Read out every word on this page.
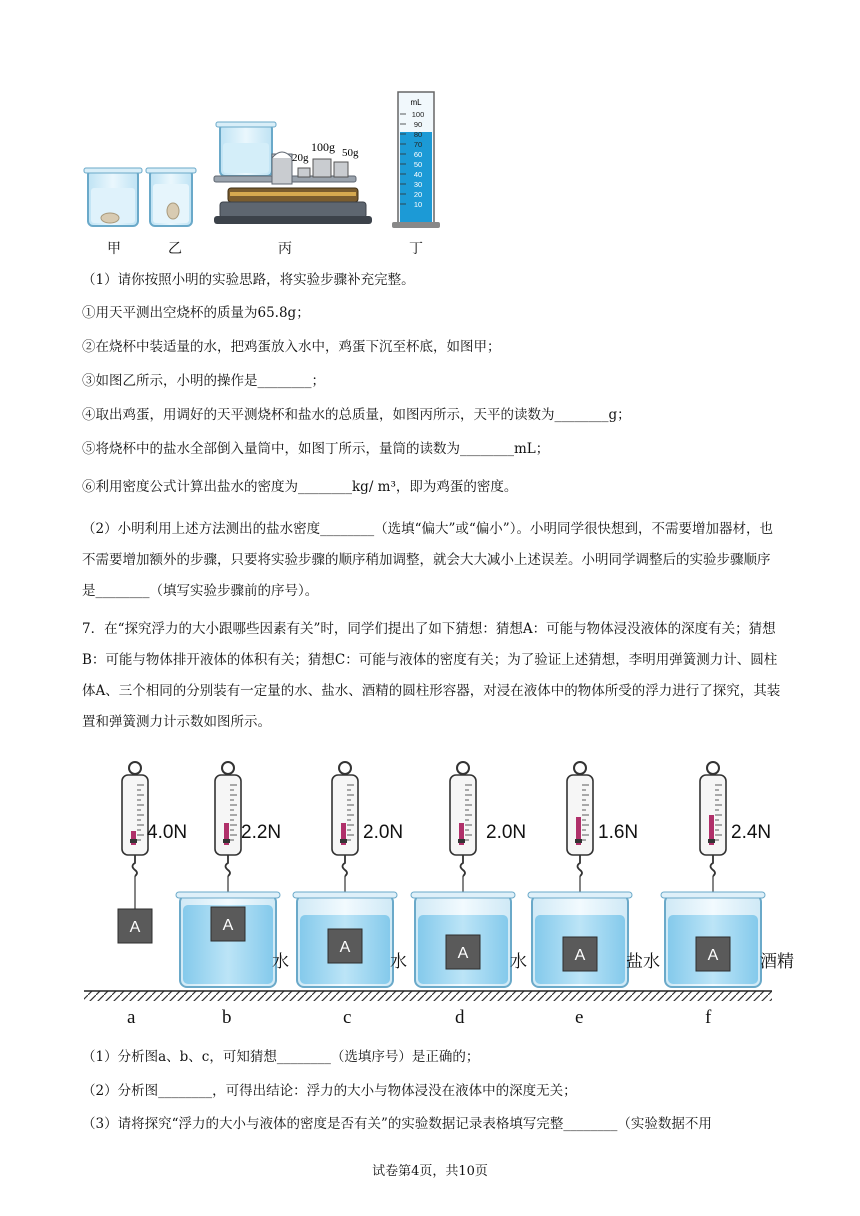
20g
100g 50g
mL
100
90
80
70
60
50
40
30
20
10
甲	乙	丙	丁
（1）请你按照小明的实验思路，将实验步骤补充完整。
①用天平测出空烧杯的质量为65.8g；
②在烧杯中装适量的水，把鸡蛋放入水中，鸡蛋下沉至杯底，如图甲；
③如图乙所示，小明的操作是________；
④取出鸡蛋，用调好的天平测烧杯和盐水的总质量，如图丙所示，天平的读数为________g；
⑤将烧杯中的盐水全部倒入量筒中，如图丁所示，量筒的读数为________mL；
⑥利用密度公式计算出盐水的密度为________kg/ m³，即为鸡蛋的密度。
（2）小明利用上述方法测出的盐水密度________（选填“偏大”或“偏小”）。小明同学很快想到，不需要增加器材，也不需要增加额外的步骤，只要将实验步骤的顺序稍加调整，就会大大减小上述误差。小明同学调整后的实验步骤顺序是________（填写实验步骤前的序号）。
7．在“探究浮力的大小跟哪些因素有关”时，同学们提出了如下猜想：猜想A：可能与物体浸没液体的深度有关；猜想B：可能与物体排开液体的体积有关；猜想C：可能与液体的密度有关；为了验证上述猜想，李明用弹簧测力计、圆柱体A、三个相同的分别装有一定量的水、盐水、酒精的圆柱形容器，对浸在液体中的物体所受的浮力进行了探究，其装置和弹簧测力计示数如图所示。
A	A
A	A	A	A
4.0N	2.2N	2.0N	2.0N	1.6N	2.4N
水	水	水	盐水	酒精
a	b	c	d	e	f
（1）分析图a、b、c，可知猜想________（选填序号）是正确的；
（2）分析图________，可得出结论：浮力的大小与物体浸没在液体中的深度无关；
（3）请将探究“浮力的大小与液体的密度是否有关”的实验数据记录表格填写完整________（实验数据不用
试卷第4页，共10页
